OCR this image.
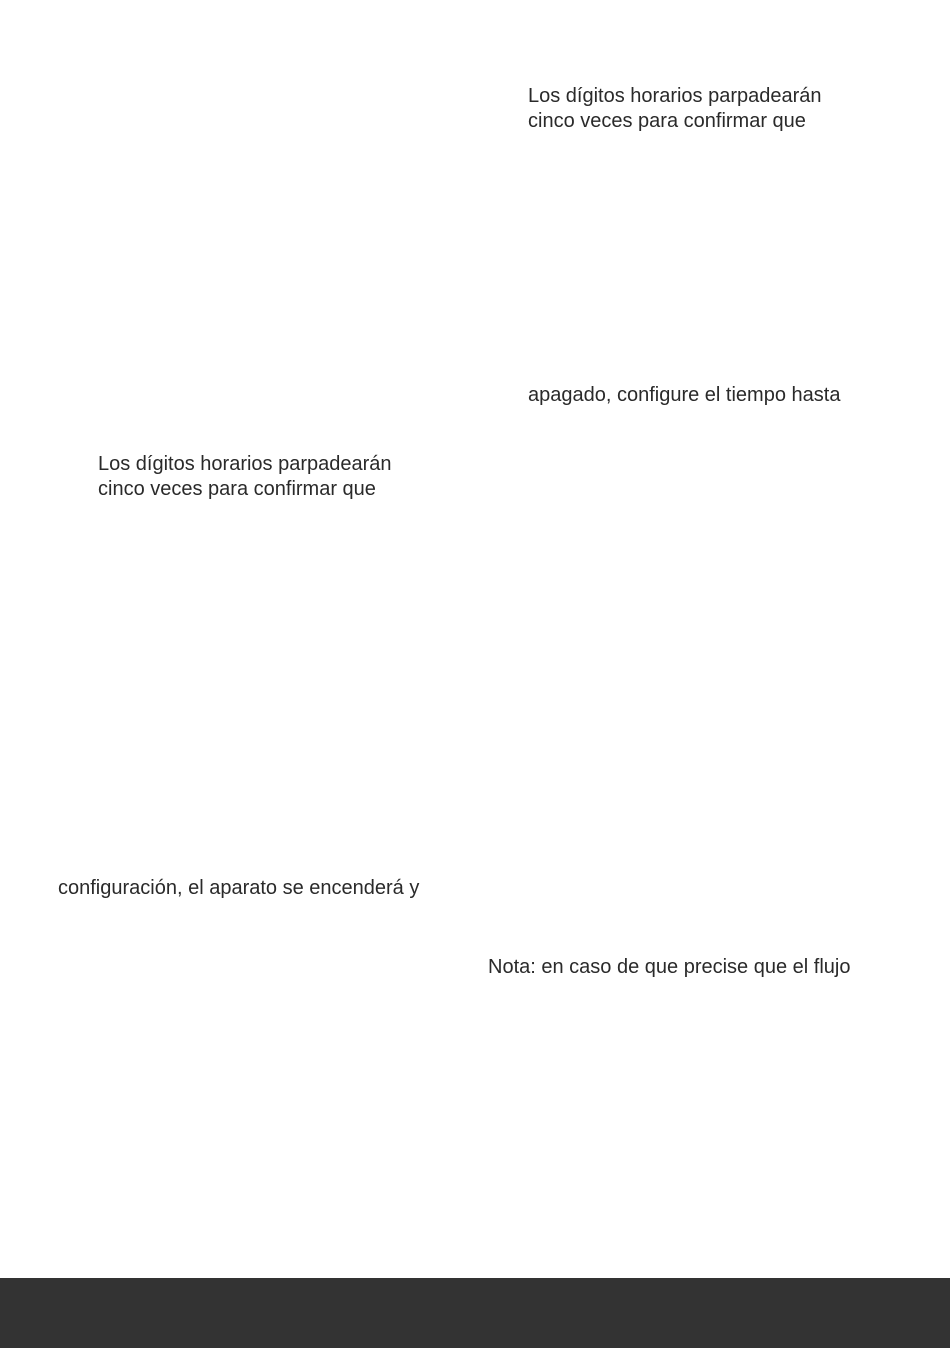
Los dígitos horarios parpadearán
cinco veces para confirmar que
apagado, configure el tiempo hasta
Los dígitos horarios parpadearán
cinco veces para confirmar que
configuración, el aparato se encenderá y
Nota: en caso de que precise que el flujo
